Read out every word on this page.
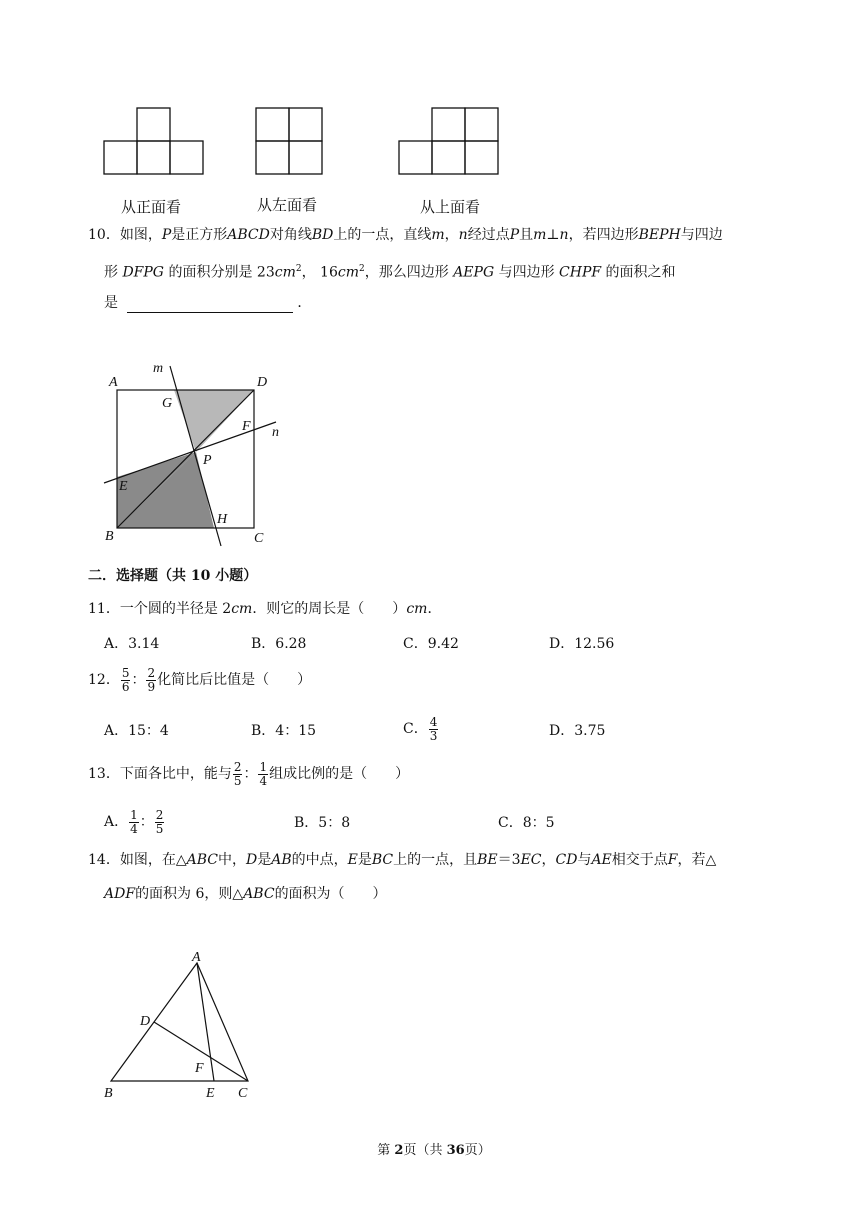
从正面看	从左面看	从上面看
10．如图，P是正方形ABCD对角线BD上的一点，直线m，n经过点P且m⊥n，若四边形BEPH与四边
形 DFPG 的面积分别是 $23cm^2$， $16cm^2$，那么四边形 AEPG 与四边形 CHPF 的面积之和
是	．
A
m
D
G
F n
P
E
H
B	C
二．选择题（共 10 小题）
11．一个圆的半径是 2cm．则它的周长是（　　）cm．
A．3.14	B．6.28	C．9.42	D．12.56
12． $\frac{5}{6}$ ： $\frac{2}{9}$ 化简比后比值是（　　）
A．15：4	B．4：15	C． $\frac{4}{3}$	D．3.75
13．下面各比中，能与 $\frac{2}{5}$ ： $\frac{1}{4}$ 组成比例的是（　　）
A． $\frac{1}{4}$ ： $\frac{2}{5}$	B．5：8	C．8：5
14．如图，在△ABC中，D是AB的中点，E是BC上的一点，且BE＝3EC，CD与AE相交于点F，若△
ADF的面积为 6，则△ABC的面积为（　　）
A
D
F
B	E C
第 2页（共 36页）
